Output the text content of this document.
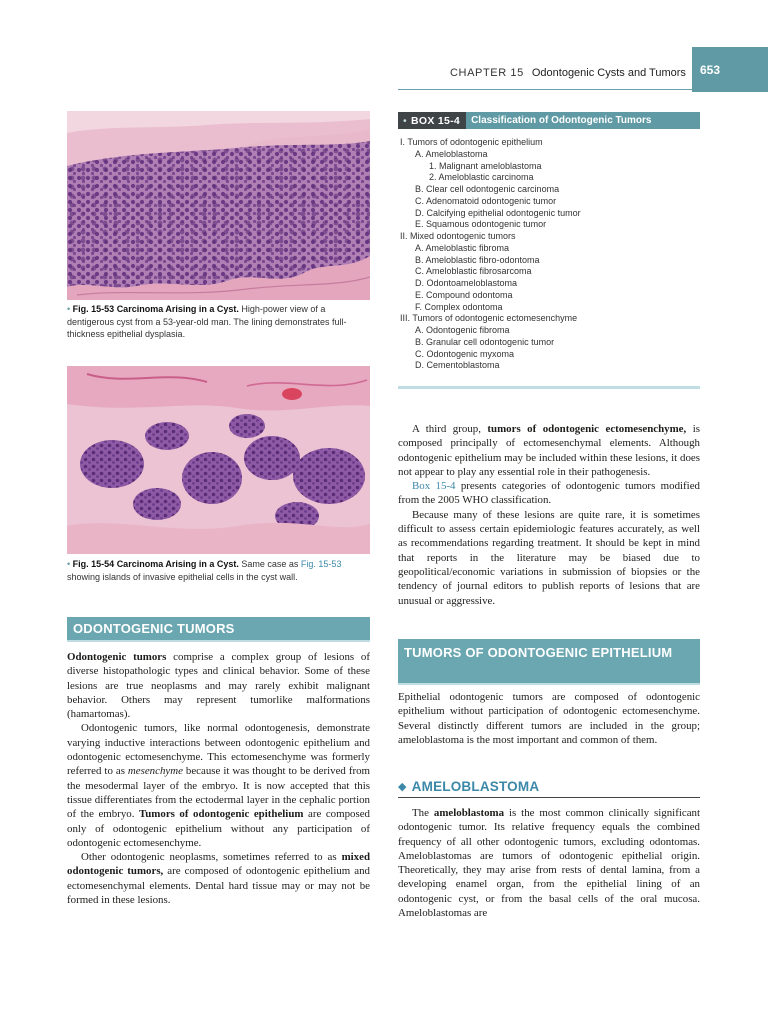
CHAPTER 15 Odontogenic Cysts and Tumors	653
• Fig. 15-53 Carcinoma Arising in a Cyst. High-power view of a dentigerous cyst from a 53-year-old man. The lining demonstrates full-thickness epithelial dysplasia.
• Fig. 15-54 Carcinoma Arising in a Cyst. Same case as Fig. 15-53 showing islands of invasive epithelial cells in the cyst wall.
• BOX 15-4	Classification of Odontogenic Tumors
I. Tumors of odontogenic epithelium
A. Ameloblastoma
1. Malignant ameloblastoma
2. Ameloblastic carcinoma
B. Clear cell odontogenic carcinoma
C. Adenomatoid odontogenic tumor
D. Calcifying epithelial odontogenic tumor
E. Squamous odontogenic tumor
II. Mixed odontogenic tumors
A. Ameloblastic fibroma
B. Ameloblastic fibro-odontoma
C. Ameloblastic fibrosarcoma
D. Odontoameloblastoma
E. Compound odontoma
F. Complex odontoma
III. Tumors of odontogenic ectomesenchyme
A. Odontogenic fibroma
B. Granular cell odontogenic tumor
C. Odontogenic myxoma
D. Cementoblastoma

A third group, tumors of odontogenic ectomesenchyme, is composed principally of ectomesenchymal elements. Although odontogenic epithelium may be included within these lesions, it does not appear to play any essential role in their pathogenesis.

Box 15-4 presents categories of odontogenic tumors modified from the 2005 WHO classification.

Because many of these lesions are quite rare, it is sometimes difficult to assess certain epidemiologic features accurately, as well as recommendations regarding treatment. It should be kept in mind that reports in the literature may be biased due to geopolitical/economic variations in submission of biopsies or the tendency of journal editors to publish reports of lesions that are unusual or aggressive.

TUMORS OF ODONTOGENIC EPITHELIUM

Epithelial odontogenic tumors are composed of odontogenic epithelium without participation of odontogenic ectomesenchyme. Several distinctly different tumors are included in the group; ameloblastoma is the most important and common of them.

◆ AMELOBLASTOMA

The ameloblastoma is the most common clinically significant odontogenic tumor. Its relative frequency equals the combined frequency of all other odontogenic tumors, excluding odontomas. Ameloblastomas are tumors of odontogenic epithelial origin. Theoretically, they may arise from rests of dental lamina, from a developing enamel organ, from the epithelial lining of an odontogenic cyst, or from the basal cells of the oral mucosa. Ameloblastomas are

ODONTOGENIC TUMORS

Odontogenic tumors comprise a complex group of lesions of diverse histopathologic types and clinical behavior. Some of these lesions are true neoplasms and may rarely exhibit malignant behavior. Others may represent tumorlike malformations (hamartomas).

Odontogenic tumors, like normal odontogenesis, demonstrate varying inductive interactions between odontogenic epithelium and odontogenic ectomesenchyme. This ectomesenchyme was formerly referred to as mesenchyme because it was thought to be derived from the mesodermal layer of the embryo. It is now accepted that this tissue differentiates from the ectodermal layer in the cephalic portion of the embryo. Tumors of odontogenic epithelium are composed only of odontogenic epithelium without any participation of odontogenic ectomesenchyme.

Other odontogenic neoplasms, sometimes referred to as mixed odontogenic tumors, are composed of odontogenic epithelium and ectomesenchymal elements. Dental hard tissue may or may not be formed in these lesions.
